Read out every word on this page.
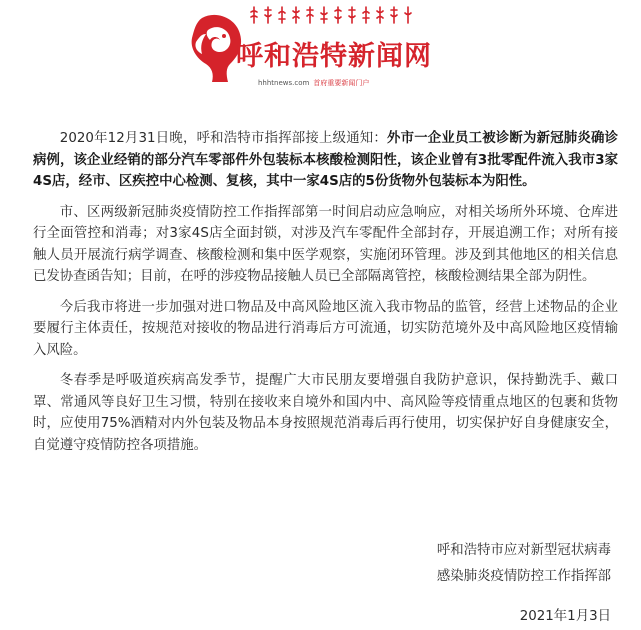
呼和浩特新闻网
hhhtnews.com 首府重要新闻门户

2020年12月31日晚，呼和浩特市指挥部接上级通知：外市一企业员工被诊断为新冠肺炎确诊病例，该企业经销的部分汽车零部件外包装标本核酸检测阳性，该企业曾有3批零配件流入我市3家4S店，经市、区疾控中心检测、复核，其中一家4S店的5份货物外包装标本为阳性。

市、区两级新冠肺炎疫情防控工作指挥部第一时间启动应急响应，对相关场所外环境、仓库进行全面管控和消毒；对3家4S店全面封锁，对涉及汽车零配件全部封存，开展追溯工作；对所有接触人员开展流行病学调查、核酸检测和集中医学观察，实施闭环管理。涉及到其他地区的相关信息已发协查函告知；目前，在呼的涉疫物品接触人员已全部隔离管控，核酸检测结果全部为阴性。

今后我市将进一步加强对进口物品及中高风险地区流入我市物品的监管，经营上述物品的企业要履行主体责任，按规范对接收的物品进行消毒后方可流通，切实防范境外及中高风险地区疫情输入风险。

冬春季是呼吸道疾病高发季节，提醒广大市民朋友要增强自我防护意识，保持勤洗手、戴口罩、常通风等良好卫生习惯，特别在接收来自境外和国内中、高风险等疫情重点地区的包裹和货物时，应使用75%酒精对内外包装及物品本身按照规范消毒后再行使用，切实保护好自身健康安全，自觉遵守疫情防控各项措施。

呼和浩特市应对新型冠状病毒
感染肺炎疫情防控工作指挥部
2021年1月3日
